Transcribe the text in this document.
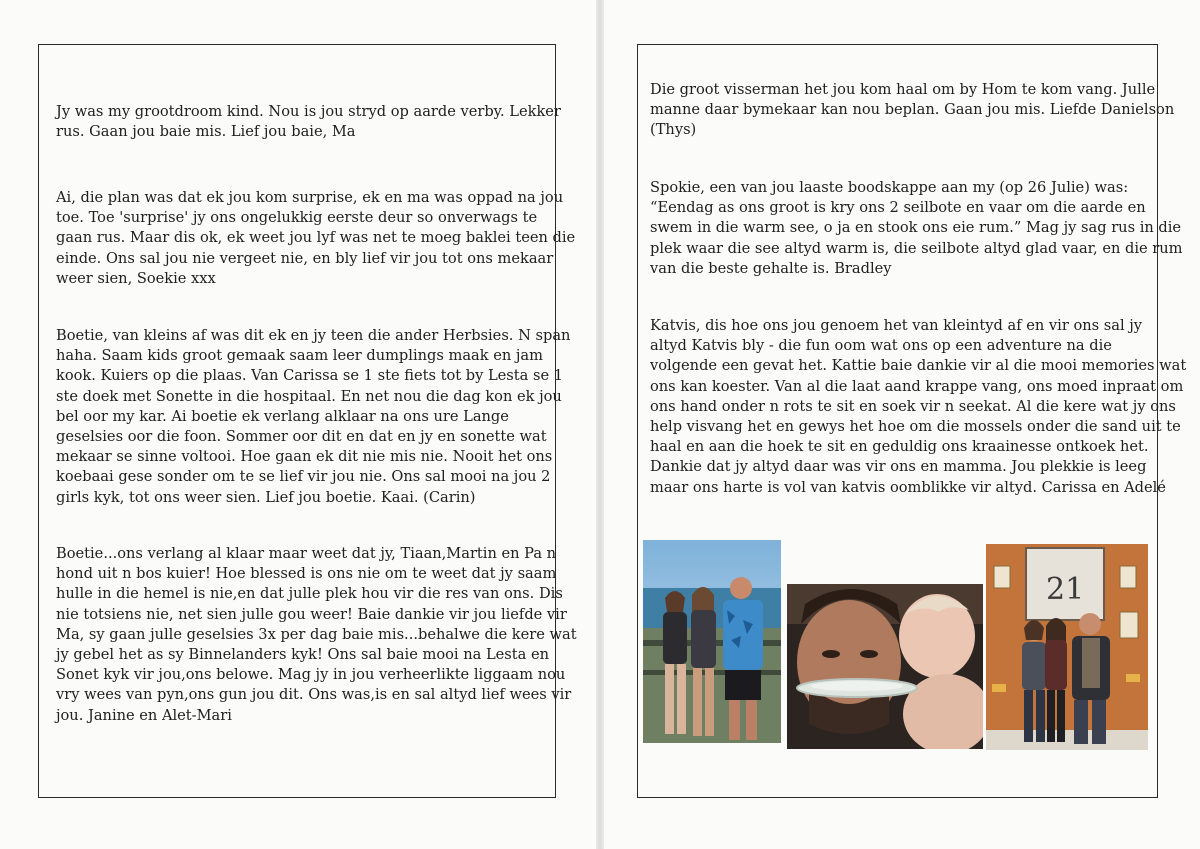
Jy was my grootdroom kind. Nou is jou stryd op aarde verby. Lekker
rus. Gaan jou baie mis. Lief jou baie, Ma

Ai, die plan was dat ek jou kom surprise, ek en ma was oppad na jou
toe. Toe 'surprise' jy ons ongelukkig eerste deur so onverwags te
gaan rus. Maar dis ok, ek weet jou lyf was net te moeg baklei teen die
einde. Ons sal jou nie vergeet nie, en bly lief vir jou tot ons mekaar
weer sien, Soekie xxx

Boetie, van kleins af was dit ek en jy teen die ander Herbsies. N span
haha. Saam kids groot gemaak saam leer dumplings maak en jam
kook. Kuiers op die plaas. Van Carissa se 1 ste fiets tot by Lesta se 1
ste doek met Sonette in die hospitaal. En net nou die dag kon ek jou
bel oor my kar. Ai boetie ek verlang alklaar na ons ure Lange
geselsies oor die foon. Sommer oor dit en dat en jy en sonette wat
mekaar se sinne voltooi. Hoe gaan ek dit nie mis nie. Nooit het ons
koebaai gese sonder om te se lief vir jou nie. Ons sal mooi na jou 2
girls kyk, tot ons weer sien. Lief jou boetie. Kaai. (Carin)

Boetie...ons verlang al klaar maar weet dat jy, Tiaan,Martin en Pa n
hond uit n bos kuier! Hoe blessed is ons nie om te weet dat jy saam
hulle in die hemel is nie,en dat julle plek hou vir die res van ons. Dis
nie totsiens nie, net sien julle gou weer! Baie dankie vir jou liefde vir
Ma, sy gaan julle geselsies 3x per dag baie mis...behalwe die kere wat
jy gebel het as sy Binnelanders kyk! Ons sal baie mooi na Lesta en
Sonet kyk vir jou,ons belowe. Mag jy in jou verheerlikte liggaam nou
vry wees van pyn,ons gun jou dit. Ons was,is en sal altyd lief wees vir
jou. Janine en Alet-Mari

Die groot visserman het jou kom haal om by Hom te kom vang. Julle
manne daar bymekaar kan nou beplan. Gaan jou mis. Liefde Danielson
(Thys)

Spokie, een van jou laaste boodskappe aan my (op 26 Julie) was:
“Eendag as ons groot is kry ons 2 seilbote en vaar om die aarde en
swem in die warm see, o ja en stook ons eie rum.” Mag jy sag rus in die
plek waar die see altyd warm is, die seilbote altyd glad vaar, en die rum
van die beste gehalte is. Bradley

Katvis, dis hoe ons jou genoem het van kleintyd af en vir ons sal jy
altyd Katvis bly - die fun oom wat ons op een adventure na die
volgende een gevat het. Kattie baie dankie vir al die mooi memories wat
ons kan koester. Van al die laat aand krappe vang, ons moed inpraat om
ons hand onder n rots te sit en soek vir n seekat. Al die kere wat jy ons
help visvang het en gewys het hoe om die mossels onder die sand uit te
haal en aan die hoek te sit en geduldig ons kraainesse ontkoek het.
Dankie dat jy altyd daar was vir ons en mamma. Jou plekkie is leeg
maar ons harte is vol van katvis oomblikke vir altyd. Carissa en Adelé

21
